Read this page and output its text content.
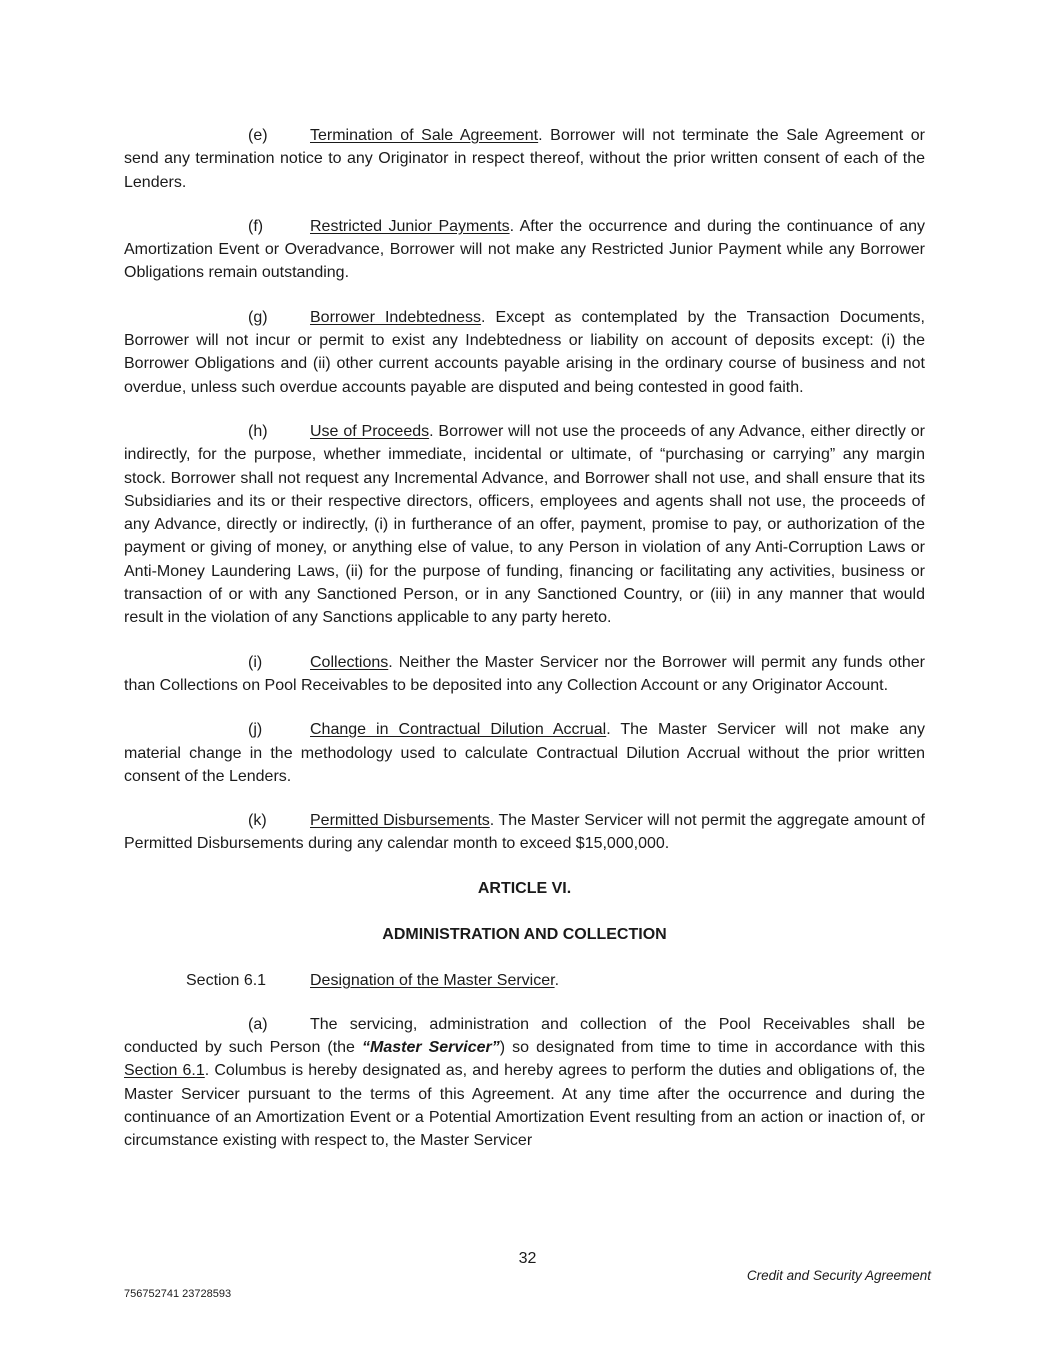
(e)	Termination of Sale Agreement. Borrower will not terminate the Sale Agreement or send any termination notice to any Originator in respect thereof, without the prior written consent of each of the Lenders.

(f)	Restricted Junior Payments. After the occurrence and during the continuance of any Amortization Event or Overadvance, Borrower will not make any Restricted Junior Payment while any Borrower Obligations remain outstanding.

(g)	Borrower Indebtedness. Except as contemplated by the Transaction Documents, Borrower will not incur or permit to exist any Indebtedness or liability on account of deposits except: (i) the Borrower Obligations and (ii) other current accounts payable arising in the ordinary course of business and not overdue, unless such overdue accounts payable are disputed and being contested in good faith.

(h)	Use of Proceeds. Borrower will not use the proceeds of any Advance, either directly or indirectly, for the purpose, whether immediate, incidental or ultimate, of “purchasing or carrying” any margin stock. Borrower shall not request any Incremental Advance, and Borrower shall not use, and shall ensure that its Subsidiaries and its or their respective directors, officers, employees and agents shall not use, the proceeds of any Advance, directly or indirectly, (i) in furtherance of an offer, payment, promise to pay, or authorization of the payment or giving of money, or anything else of value, to any Person in violation of any Anti-Corruption Laws or Anti-Money Laundering Laws, (ii) for the purpose of funding, financing or facilitating any activities, business or transaction of or with any Sanctioned Person, or in any Sanctioned Country, or (iii) in any manner that would result in the violation of any Sanctions applicable to any party hereto.

(i)	Collections. Neither the Master Servicer nor the Borrower will permit any funds other than Collections on Pool Receivables to be deposited into any Collection Account or any Originator Account.

(j)	Change in Contractual Dilution Accrual. The Master Servicer will not make any material change in the methodology used to calculate Contractual Dilution Accrual without the prior written consent of the Lenders.

(k)	Permitted Disbursements. The Master Servicer will not permit the aggregate amount of Permitted Disbursements during any calendar month to exceed $15,000,000.

ARTICLE VI.
ADMINISTRATION AND COLLECTION
Section 6.1	Designation of the Master Servicer.

(a)	The servicing, administration and collection of the Pool Receivables shall be conducted by such Person (the “Master Servicer”) so designated from time to time in accordance with this Section 6.1. Columbus is hereby designated as, and hereby agrees to perform the duties and obligations of, the Master Servicer pursuant to the terms of this Agreement. At any time after the occurrence and during the continuance of an Amortization Event or a Potential Amortization Event resulting from an action or inaction of, or circumstance existing with respect to, the Master Servicer

32
Credit and Security Agreement
756752741 23728593
